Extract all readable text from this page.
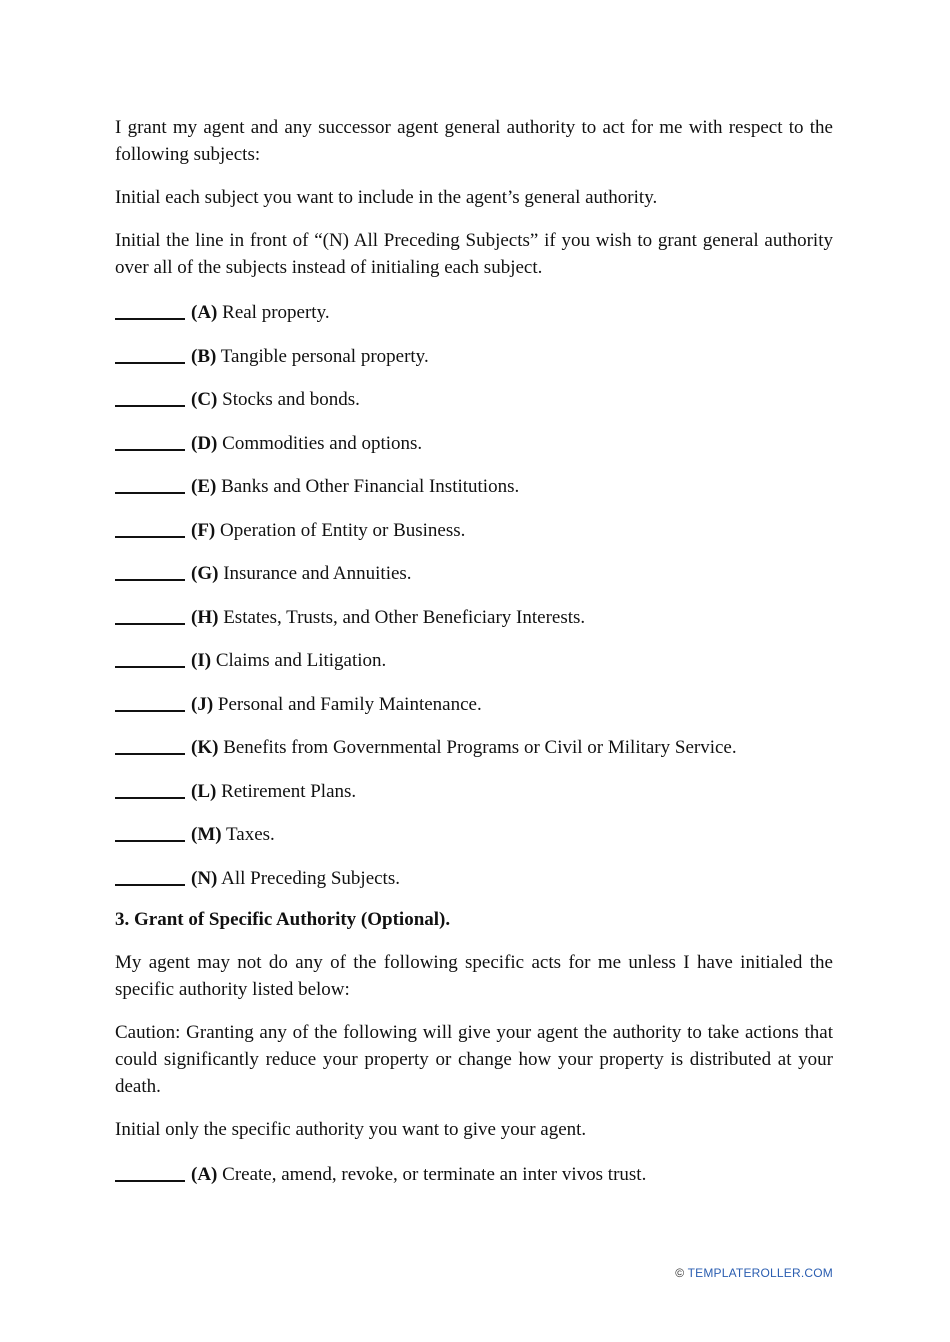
I grant my agent and any successor agent general authority to act for me with respect to the following subjects:

Initial each subject you want to include in the agent’s general authority.

Initial the line in front of “(N) All Preceding Subjects” if you wish to grant general authority over all of the subjects instead of initialing each subject.

(A) Real property.
(B) Tangible personal property.
(C) Stocks and bonds.
(D) Commodities and options.
(E) Banks and Other Financial Institutions.
(F) Operation of Entity or Business.
(G) Insurance and Annuities.
(H) Estates, Trusts, and Other Beneficiary Interests.
(I) Claims and Litigation.
(J) Personal and Family Maintenance.
(K) Benefits from Governmental Programs or Civil or Military Service.
(L) Retirement Plans.
(M) Taxes.
(N) All Preceding Subjects.
3. Grant of Specific Authority (Optional).

My agent may not do any of the following specific acts for me unless I have initialed the specific authority listed below:

Caution: Granting any of the following will give your agent the authority to take actions that could significantly reduce your property or change how your property is distributed at your death.

Initial only the specific authority you want to give your agent.

(A) Create, amend, revoke, or terminate an inter vivos trust.
© TEMPLATEROLLER.COM
